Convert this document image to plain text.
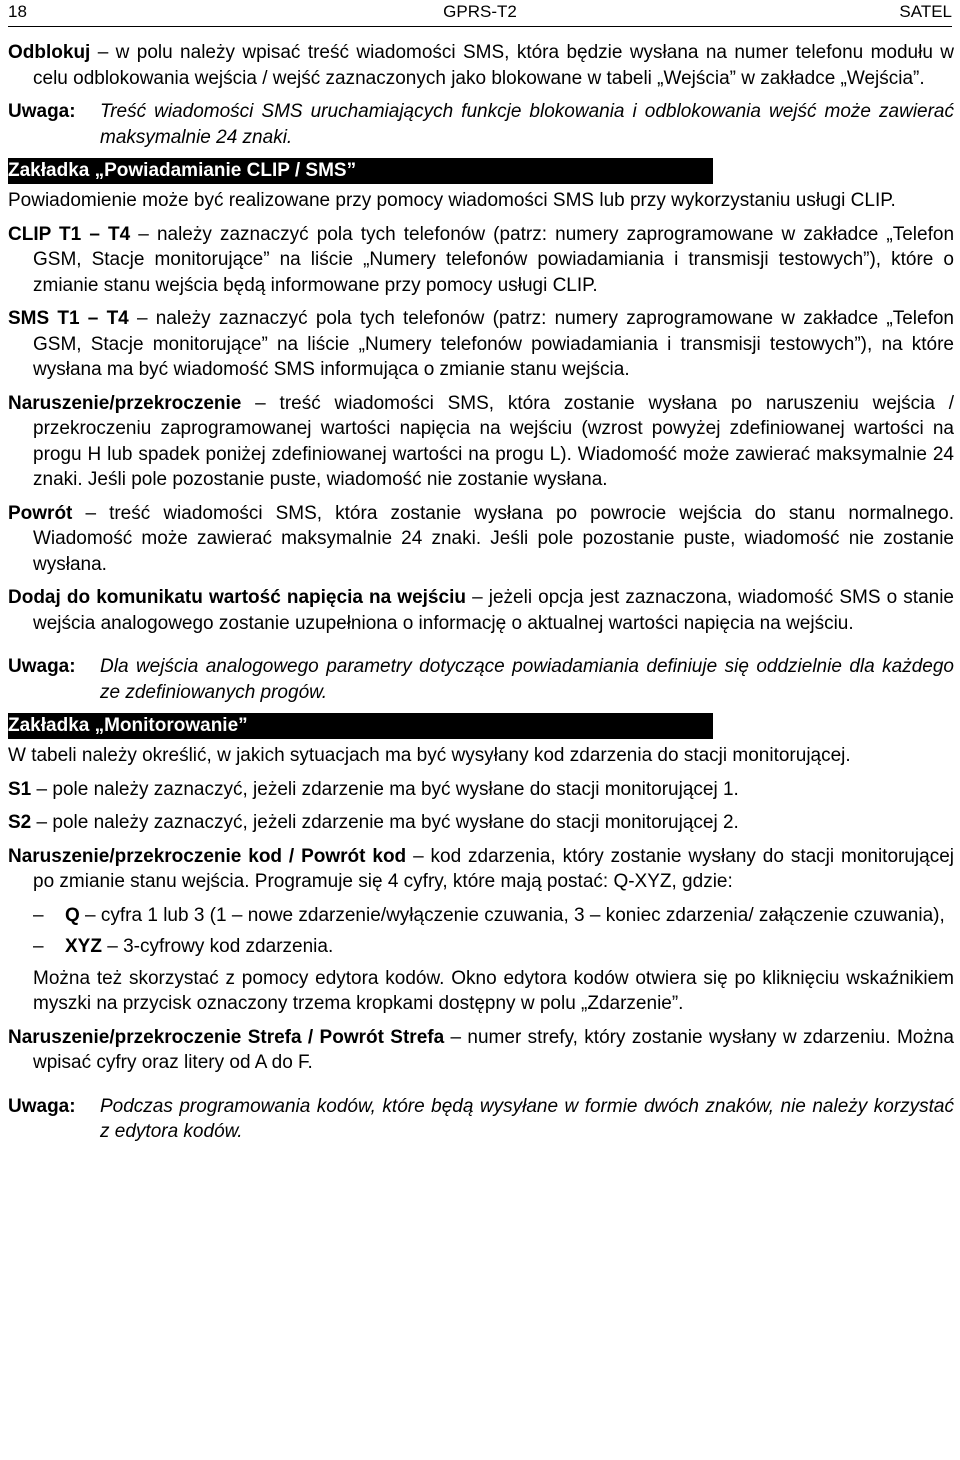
18	GPRS-T2	SATEL

Odblokuj – w polu należy wpisać treść wiadomości SMS, która będzie wysłana na numer telefonu modułu w celu odblokowania wejścia / wejść zaznaczonych jako blokowane w tabeli „Wejścia” w zakładce „Wejścia”.

Uwaga:	Treść wiadomości SMS uruchamiających funkcje blokowania i odblokowania wejść może zawierać maksymalnie 24 znaki.
Zakładka „Powiadamianie CLIP / SMS”

Powiadomienie może być realizowane przy pomocy wiadomości SMS lub przy wykorzystaniu usługi CLIP.

CLIP T1 – T4 – należy zaznaczyć pola tych telefonów (patrz: numery zaprogramowane w zakładce „Telefon GSM, Stacje monitorujące” na liście „Numery telefonów powiadamiania i transmisji testowych”), które o zmianie stanu wejścia będą informowane przy pomocy usługi CLIP.

SMS T1 – T4 – należy zaznaczyć pola tych telefonów (patrz: numery zaprogramowane w zakładce „Telefon GSM, Stacje monitorujące” na liście „Numery telefonów powiadamiania i transmisji testowych”), na które wysłana ma być wiadomość SMS informująca o zmianie stanu wejścia.

Naruszenie/przekroczenie – treść wiadomości SMS, która zostanie wysłana po naruszeniu wejścia / przekroczeniu zaprogramowanej wartości napięcia na wejściu (wzrost powyżej zdefiniowanej wartości na progu H lub spadek poniżej zdefiniowanej wartości na progu L). Wiadomość może zawierać maksymalnie 24 znaki. Jeśli pole pozostanie puste, wiadomość nie zostanie wysłana.

Powrót – treść wiadomości SMS, która zostanie wysłana po powrocie wejścia do stanu normalnego. Wiadomość może zawierać maksymalnie 24 znaki. Jeśli pole pozostanie puste, wiadomość nie zostanie wysłana.

Dodaj do komunikatu wartość napięcia na wejściu – jeżeli opcja jest zaznaczona, wiadomość SMS o stanie wejścia analogowego zostanie uzupełniona o informację o aktualnej wartości napięcia na wejściu.

Uwaga:	Dla wejścia analogowego parametry dotyczące powiadamiania definiuje się oddzielnie dla każdego ze zdefiniowanych progów.
Zakładka „Monitorowanie”

W tabeli należy określić, w jakich sytuacjach ma być wysyłany kod zdarzenia do stacji monitorującej.

S1 – pole należy zaznaczyć, jeżeli zdarzenie ma być wysłane do stacji monitorującej 1.

S2 – pole należy zaznaczyć, jeżeli zdarzenie ma być wysłane do stacji monitorującej 2.

Naruszenie/przekroczenie kod / Powrót kod – kod zdarzenia, który zostanie wysłany do stacji monitorującej po zmianie stanu wejścia. Programuje się 4 cyfry, które mają postać: Q-XYZ, gdzie:

–	Q – cyfra 1 lub 3 (1 – nowe zdarzenie/wyłączenie czuwania, 3 – koniec zdarzenia/ załączenie czuwania),
–	XYZ – 3-cyfrowy kod zdarzenia.

Można też skorzystać z pomocy edytora kodów. Okno edytora kodów otwiera się po kliknięciu wskaźnikiem myszki na przycisk oznaczony trzema kropkami dostępny w polu „Zdarzenie”.

Naruszenie/przekroczenie Strefa / Powrót Strefa – numer strefy, który zostanie wysłany w zdarzeniu. Można wpisać cyfry oraz litery od A do F.

Uwaga:	Podczas programowania kodów, które będą wysyłane w formie dwóch znaków, nie należy korzystać z edytora kodów.
